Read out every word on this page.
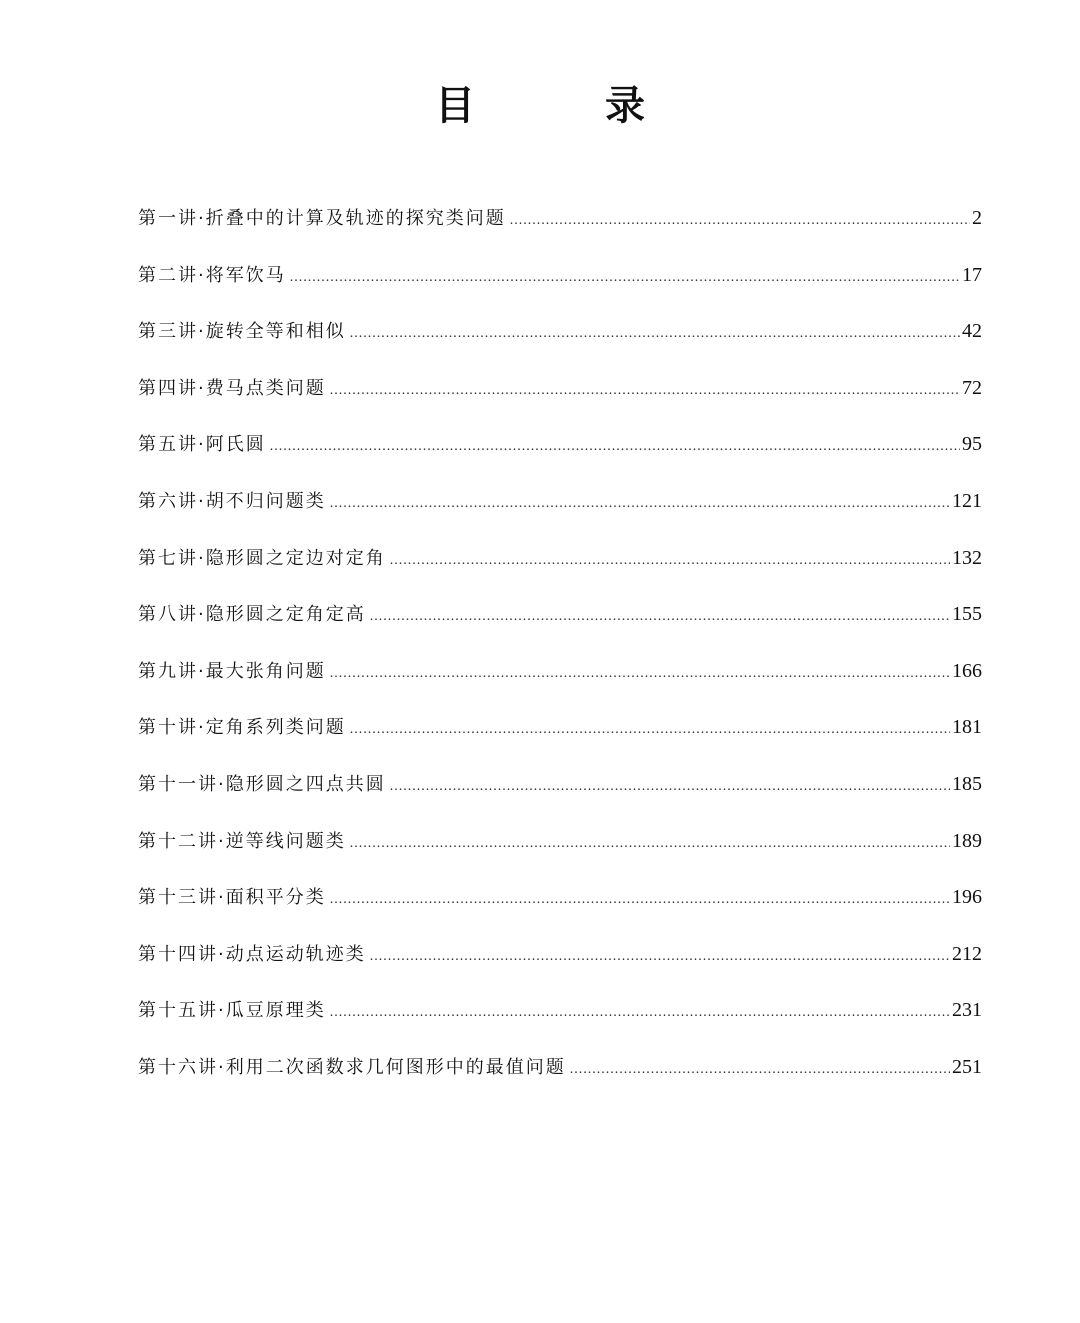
目 录
第一讲·折叠中的计算及轨迹的探究类问题 .....	2
第二讲·将军饮马 .....	17
第三讲·旋转全等和相似 .....	42
第四讲·费马点类问题 .....	72
第五讲·阿氏圆 .....	95
第六讲·胡不归问题类 .....	121
第七讲·隐形圆之定边对定角 .....	132
第八讲·隐形圆之定角定高 .....	155
第九讲·最大张角问题 .....	166
第十讲·定角系列类问题 .....	181
第十一讲·隐形圆之四点共圆 .....	185
第十二讲·逆等线问题类 .....	189
第十三讲·面积平分类 .....	196
第十四讲·动点运动轨迹类 .....	212
第十五讲·瓜豆原理类 .....	231
第十六讲·利用二次函数求几何图形中的最值问题 .....	251
